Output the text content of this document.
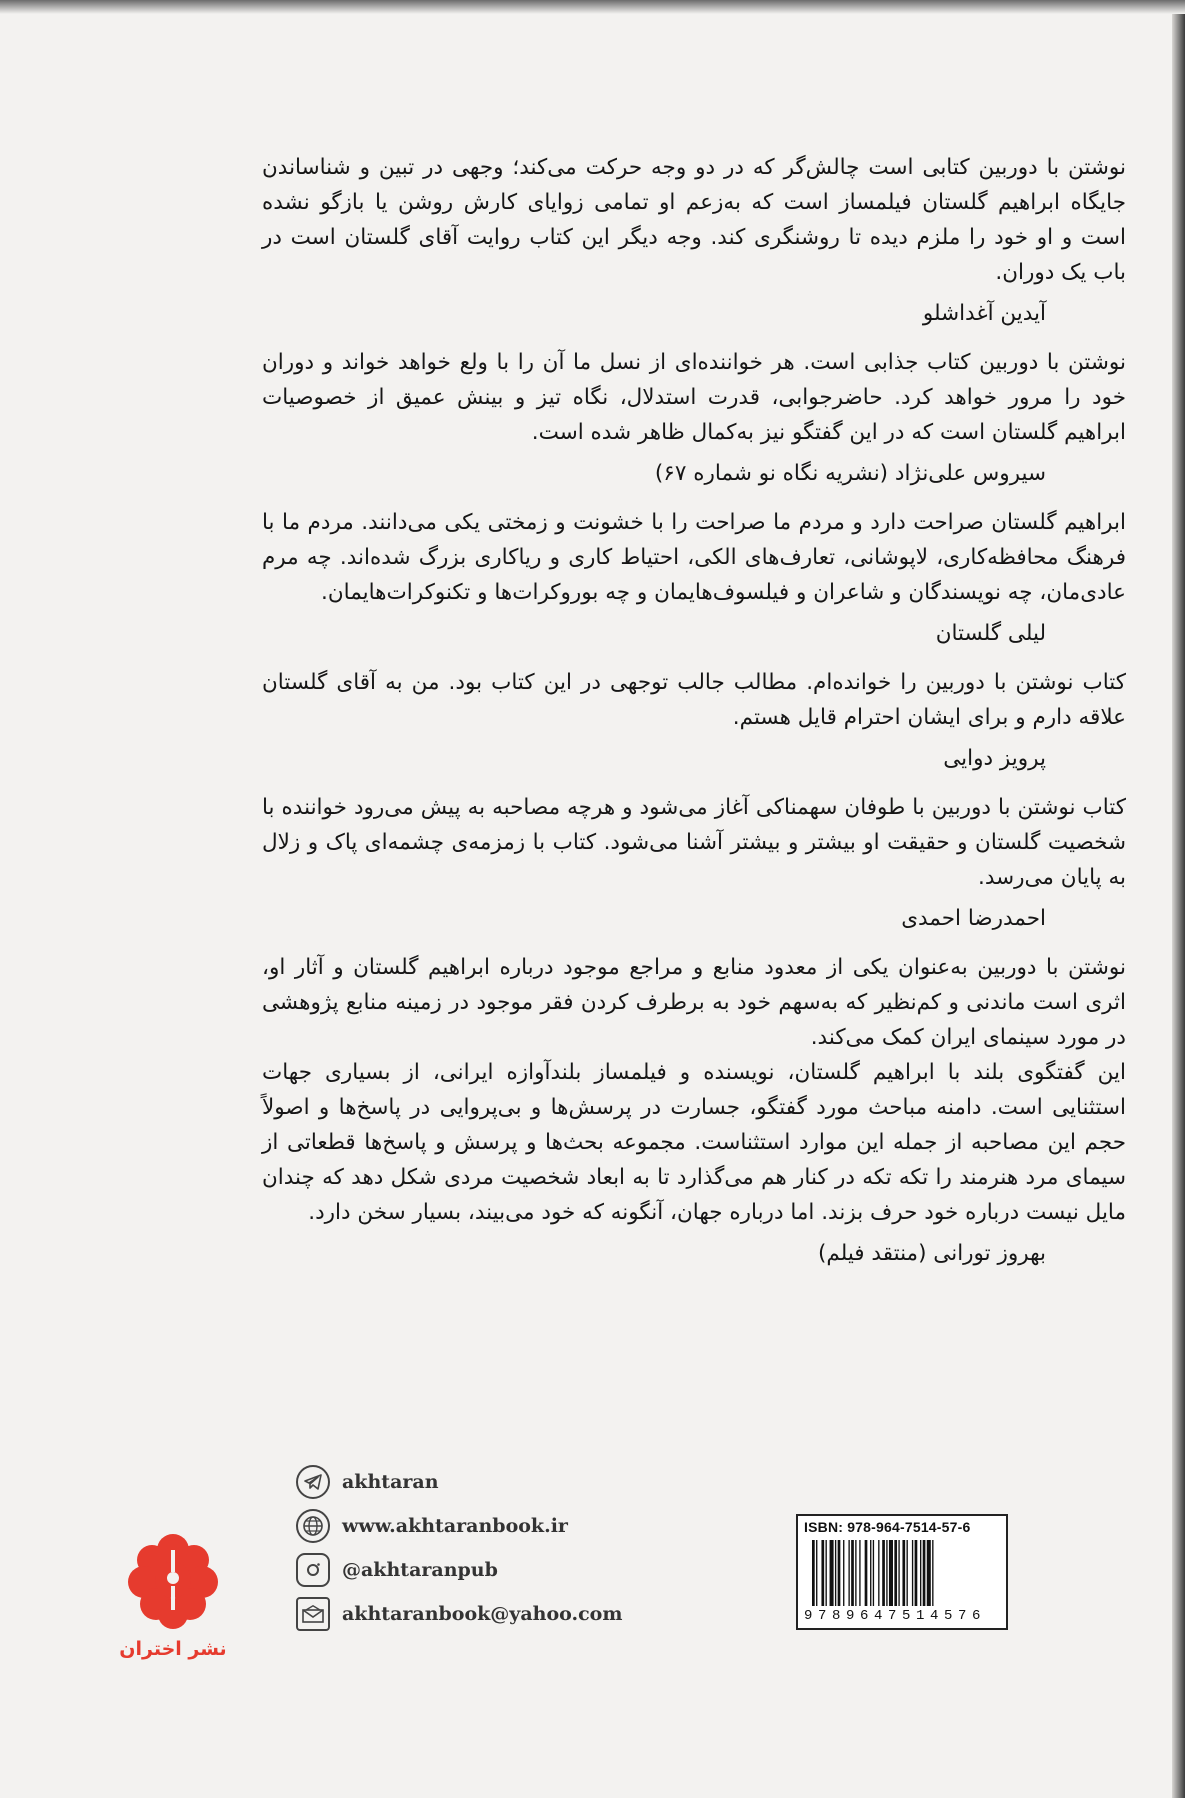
نوشتن با دوربین کتابی است چالش‌گر که در دو وجه حرکت می‌کند؛ وجهی در تبین و شناساندن جایگاه ابراهیم گلستان فیلمساز است که به‌زعم او تمامی زوایای کارش روشن یا بازگو نشده است و او خود را ملزم دیده تا روشنگری کند. وجه دیگر این کتاب روایت آقای گلستان است در باب یک دوران.

آیدین آغداشلو

نوشتن با دوربین کتاب جذابی است. هر خواننده‌ای از نسل ما آن را با ولع خواهد خواند و دوران خود را مرور خواهد کرد. حاضرجوابی، قدرت استدلال، نگاه تیز و بینش عمیق از خصوصیات ابراهیم گلستان است که در این گفتگو نیز به‌کمال ظاهر شده است.

سیروس علی‌نژاد (نشریه نگاه نو شماره ۶۷)

ابراهیم گلستان صراحت دارد و مردم ما صراحت را با خشونت و زمختی یکی می‌دانند. مردم ما با فرهنگ محافظه‌کاری، لاپوشانی، تعارف‌های الکی، احتیاط کاری و ریاکاری بزرگ شده‌اند. چه مرم عادی‌مان، چه نویسندگان و شاعران و فیلسوف‌هایمان و چه بوروکرات‌ها و تکنوکرات‌هایمان.

لیلی گلستان

کتاب نوشتن با دوربین را خوانده‌ام. مطالب جالب توجهی در این کتاب بود. من به آقای گلستان علاقه دارم و برای ایشان احترام قایل هستم.

پرویز دوایی

کتاب نوشتن با دوربین با طوفان سهمناکی آغاز می‌شود و هرچه مصاحبه به پیش می‌رود خواننده با شخصیت گلستان و حقیقت او بیشتر و بیشتر آشنا می‌شود. کتاب با زمزمه‌ی چشمه‌ای پاک و زلال به پایان می‌رسد.

احمدرضا احمدی

نوشتن با دوربین به‌عنوان یکی از معدود منابع و مراجع موجود درباره ابراهیم گلستان و آثار او، اثری است ماندنی و کم‌نظیر که به‌سهم خود به برطرف کردن فقر موجود در زمینه منابع پژوهشی در مورد سینمای ایران کمک می‌کند.

این گفتگوی بلند با ابراهیم گلستان، نویسنده و فیلمساز بلندآوازه ایرانی، از بسیاری جهات استثنایی است. دامنه مباحث مورد گفتگو، جسارت در پرسش‌ها و بی‌پروایی در پاسخ‌ها و اصولاً حجم این مصاحبه از جمله این موارد استثناست. مجموعه بحث‌ها و پرسش و پاسخ‌ها قطعاتی از سیمای مرد هنرمند را تکه تکه در کنار هم می‌گذارد تا به ابعاد شخصیت مردی شکل دهد که چندان مایل نیست درباره خود حرف بزند. اما درباره جهان، آنگونه که خود می‌بیند، بسیار سخن دارد.

بهروز تورانی (منتقد فیلم)
akhtaran
www.akhtaranbook.ir
@akhtaranpub
akhtaranbook@yahoo.com
نشر اختران
ISBN: 978-964-7514-57-6
9789647514576
